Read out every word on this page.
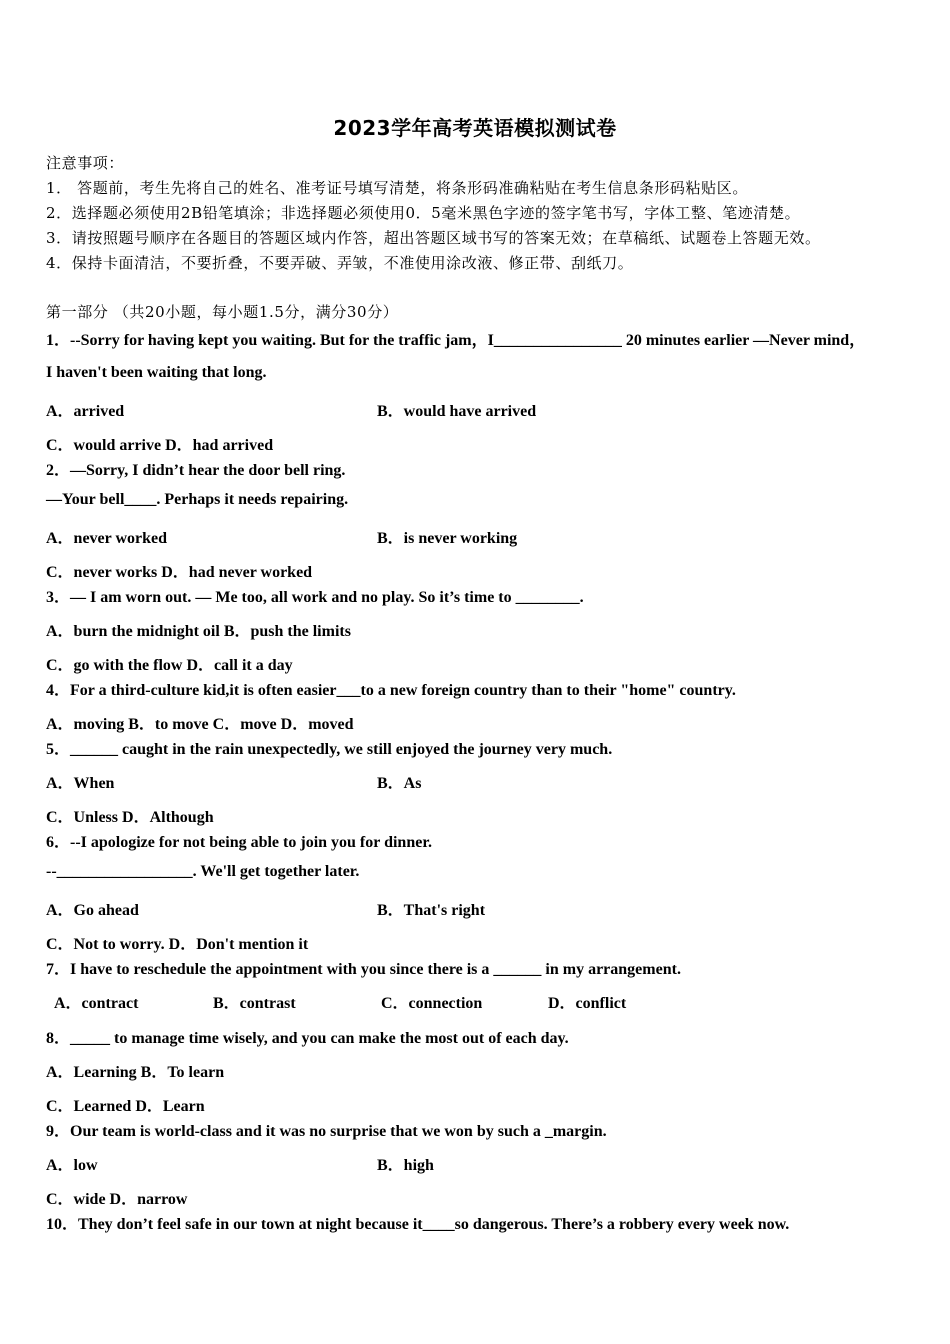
2023学年高考英语模拟测试卷
注意事项：
1． 答题前，考生先将自己的姓名、准考证号填写清楚，将条形码准确粘贴在考生信息条形码粘贴区。
2．选择题必须使用2B铅笔填涂；非选择题必须使用0．5毫米黑色字迹的签字笔书写，字体工整、笔迹清楚。
3．请按照题号顺序在各题目的答题区域内作答，超出答题区域书写的答案无效；在草稿纸、试题卷上答题无效。
4．保持卡面清洁，不要折叠，不要弄破、弄皱，不准使用涂改液、修正带、刮纸刀。
第一部分 （共20小题，每小题1.5分，满分30分）
1．--Sorry for having kept you waiting. But for the traffic jam，I________________ 20 minutes earlier —Never mind，
I haven't been waiting that long.
A．arrived	B．would have arrived
C．would arrive D．had arrived
2．—Sorry, I didn’t hear the door bell ring.
—Your bell____. Perhaps it needs repairing.
A．never worked	B．is never working
C．never works D．had never worked
3．— I am worn out. — Me too, all work and no play. So it’s time to ________.
A．burn the midnight oil B．push the limits
C．go with the flow D．call it a day
4．For a third-culture kid,it is often easier___to a new foreign country than to their "home" country.
A．moving B．to move C．move D．moved
5．______ caught in the rain unexpectedly, we still enjoyed the journey very much.
A．When	B．As
C．Unless D．Although
6．--I apologize for not being able to join you for dinner.
--_________________. We'll get together later.
A．Go ahead	B．That's right
C．Not to worry. D．Don't mention it
7．I have to reschedule the appointment with you since there is a ______ in my arrangement.
A．contract	B．contrast	C．connection	D．conflict
8．_____ to manage time wisely, and you can make the most out of each day.
A．Learning B．To learn
C．Learned D．Learn
9．Our team is world-class and it was no surprise that we won by such a _margin.
A．low	B．high
C．wide D．narrow
10．They don’t feel safe in our town at night because it____so dangerous. There’s a robbery every week now.
